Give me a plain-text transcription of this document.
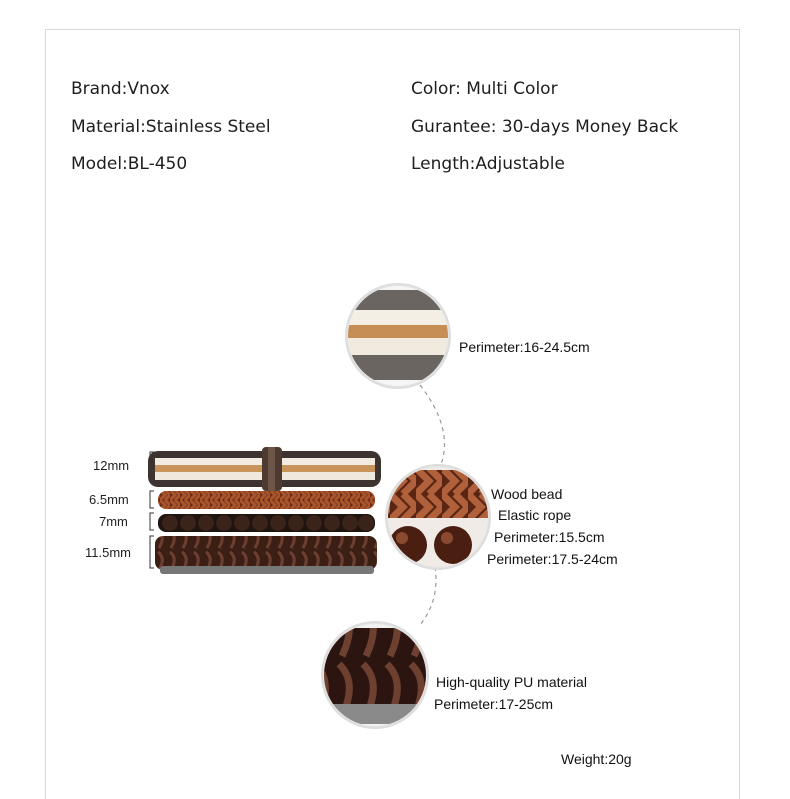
Brand:Vnox
Material:Stainless Steel
Model:BL-450
Color: Multi Color
Gurantee: 30-days Money Back
Length:Adjustable
12mm
6.5mm
7mm
11.5mm
Perimeter:16-24.5cm
Wood bead
Elastic rope
Perimeter:15.5cm
Perimeter:17.5-24cm
High-quality PU material
Perimeter:17-25cm
Weight:20g
